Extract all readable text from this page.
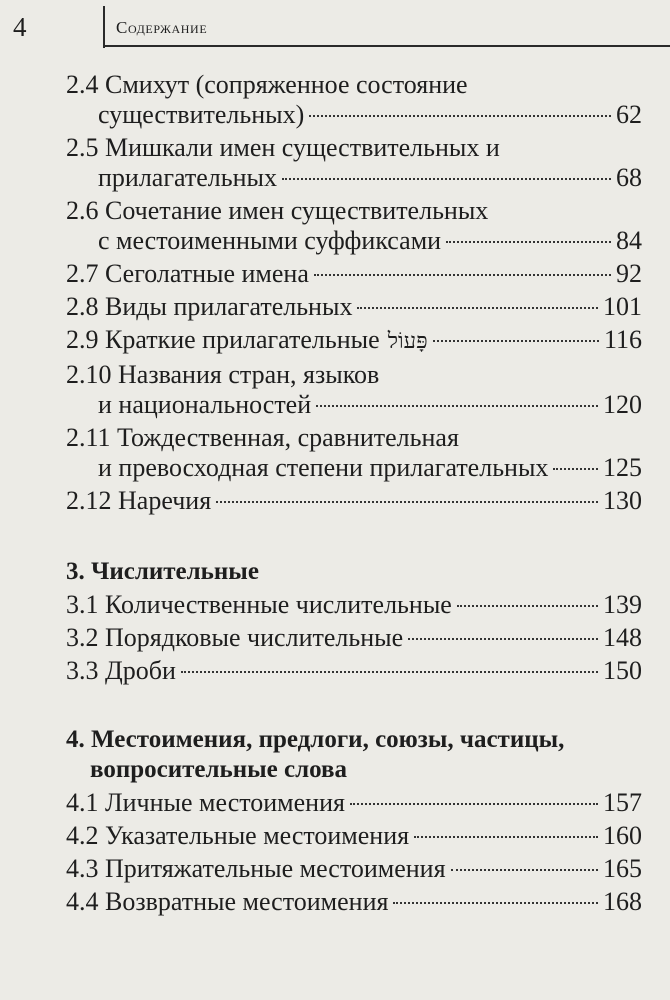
4	Содержание
2.4 Смихут (сопряженное состояние
существительных)	62
2.5 Мишкали имен существительных и
прилагательных	68
2.6 Сочетание имен существительных
с местоименными суффиксами	84
2.7 Сеголатные имена	92
2.8 Виды прилагательных	101
2.9 Краткие прилагательные פָּעוֹל	116
2.10 Названия стран, языков
и национальностей	120
2.11 Тождественная, сравнительная
и превосходная степени прилагательных 125
2.12 Наречия	130
3. Числительные
3.1 Количественные числительные	139
3.2 Порядковые числительные	148
3.3 Дроби	150
4. Местоимения, предлоги, союзы, частицы,
вопросительные слова
4.1 Личные местоимения	157
4.2 Указательные местоимения	160
4.3 Притяжательные местоимения	165
4.4 Возвратные местоимения	168
